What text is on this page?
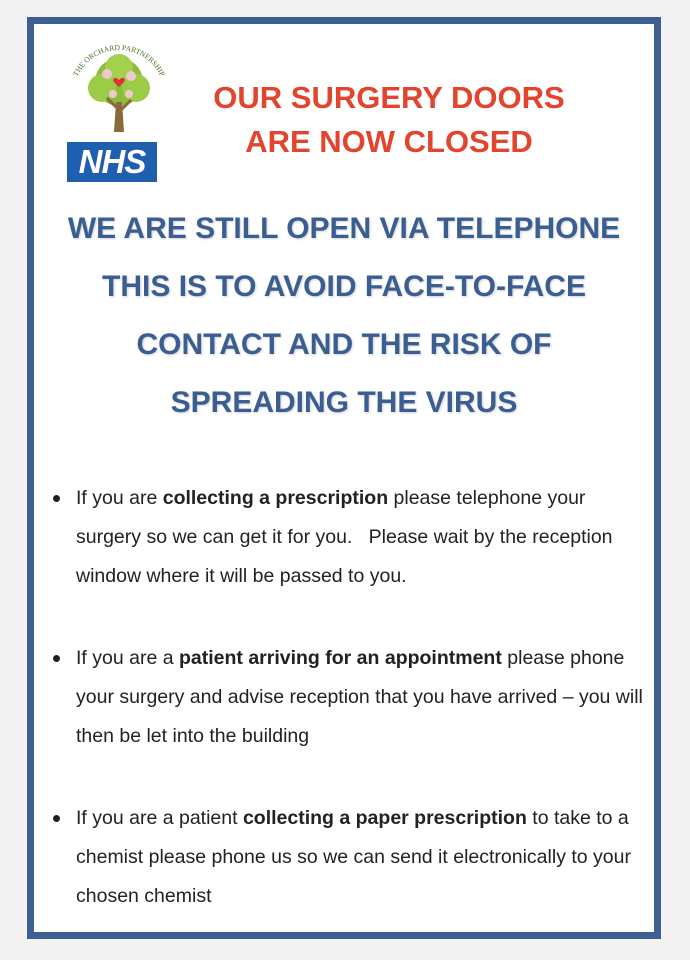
THE ORCHARD PARTNERSHIP
NHS
OUR SURGERY DOORS
ARE NOW CLOSED
WE ARE STILL OPEN VIA TELEPHONE
THIS IS TO AVOID FACE-TO-FACE
CONTACT AND THE RISK OF
SPREADING THE VIRUS
If you are collecting a prescription please telephone your surgery so we can get it for you.   Please wait by the reception window where it will be passed to you.
If you are a patient arriving for an appointment please phone your surgery and advise reception that you have arrived – you will then be let into the building
If you are a patient collecting a paper prescription to take to a chemist please phone us so we can send it electronically to your chosen chemist
